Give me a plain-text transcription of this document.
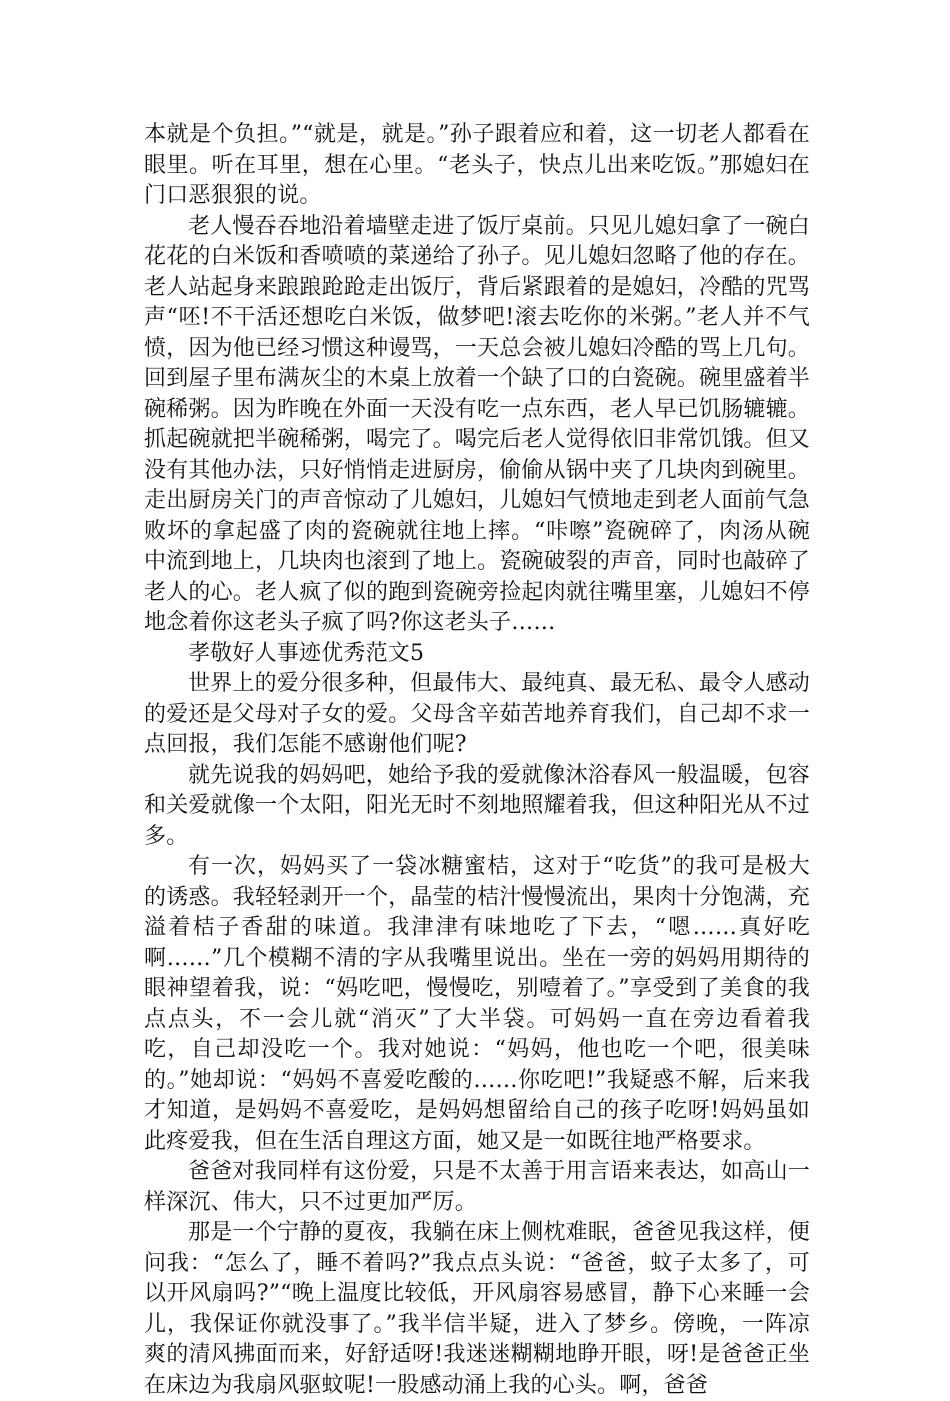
本就是个负担。”“就是，就是。”孙子跟着应和着，这一切老人都看在眼里。听在耳里，想在心里。“老头子，快点儿出来吃饭。”那媳妇在门口恶狠狠的说。

老人慢吞吞地沿着墙壁走进了饭厅桌前。只见儿媳妇拿了一碗白花花的白米饭和香喷喷的菜递给了孙子。见儿媳妇忽略了他的存在。老人站起身来踉踉跄跄走出饭厅，背后紧跟着的是媳妇，冷酷的咒骂声“呸!不干活还想吃白米饭，做梦吧!滚去吃你的米粥。”老人并不气愤，因为他已经习惯这种谩骂，一天总会被儿媳妇冷酷的骂上几句。回到屋子里布满灰尘的木桌上放着一个缺了口的白瓷碗。碗里盛着半碗稀粥。因为昨晚在外面一天没有吃一点东西，老人早已饥肠辘辘。抓起碗就把半碗稀粥，喝完了。喝完后老人觉得依旧非常饥饿。但又没有其他办法，只好悄悄走进厨房，偷偷从锅中夹了几块肉到碗里。走出厨房关门的声音惊动了儿媳妇，儿媳妇气愤地走到老人面前气急败坏的拿起盛了肉的瓷碗就往地上摔。“咔嚓”瓷碗碎了，肉汤从碗中流到地上，几块肉也滚到了地上。瓷碗破裂的声音，同时也敲碎了老人的心。老人疯了似的跑到瓷碗旁捡起肉就往嘴里塞，儿媳妇不停地念着你这老头子疯了吗?你这老头子……

孝敬好人事迹优秀范文5

世界上的爱分很多种，但最伟大、最纯真、最无私、最令人感动的爱还是父母对子女的爱。父母含辛茹苦地养育我们，自己却不求一点回报，我们怎能不感谢他们呢?

就先说我的妈妈吧，她给予我的爱就像沐浴春风一般温暖，包容和关爱就像一个太阳，阳光无时不刻地照耀着我，但这种阳光从不过多。

有一次，妈妈买了一袋冰糖蜜桔，这对于“吃货”的我可是极大的诱惑。我轻轻剥开一个，晶莹的桔汁慢慢流出，果肉十分饱满，充溢着桔子香甜的味道。我津津有味地吃了下去，“嗯……真好吃啊……”几个模糊不清的字从我嘴里说出。坐在一旁的妈妈用期待的眼神望着我，说：“妈吃吧，慢慢吃，别噎着了。”享受到了美食的我点点头，不一会儿就“消灭”了大半袋。可妈妈一直在旁边看着我吃，自己却没吃一个。我对她说：“妈妈，他也吃一个吧，很美味的。”她却说：“妈妈不喜爱吃酸的……你吃吧!”我疑惑不解，后来我才知道，是妈妈不喜爱吃，是妈妈想留给自己的孩子吃呀!妈妈虽如此疼爱我，但在生活自理这方面，她又是一如既往地严格要求。

爸爸对我同样有这份爱，只是不太善于用言语来表达，如高山一样深沉、伟大，只不过更加严厉。

那是一个宁静的夏夜，我躺在床上侧枕难眠，爸爸见我这样，便问我：“怎么了，睡不着吗?”我点点头说：“爸爸，蚊子太多了，可以开风扇吗?”“晚上温度比较低，开风扇容易感冒，静下心来睡一会儿，我保证你就没事了。”我半信半疑，进入了梦乡。傍晚，一阵凉爽的清风拂面而来，好舒适呀!我迷迷糊糊地睁开眼，呀!是爸爸正坐在床边为我扇风驱蚊呢!一股感动涌上我的心头。啊，爸爸
